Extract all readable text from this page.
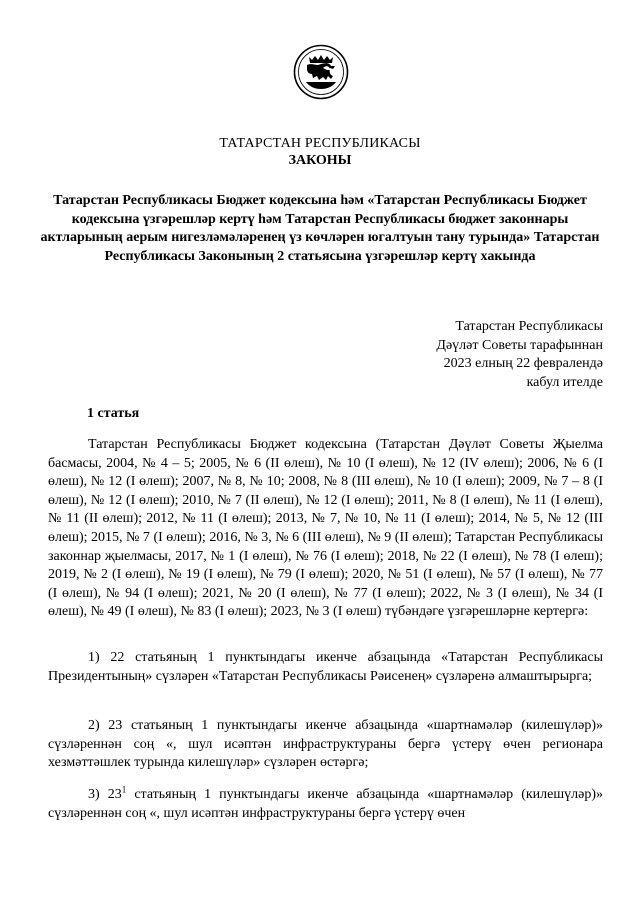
ТАТАРСТАН РЕСПУБЛИКАСЫ
ЗАКОНЫ
Татарстан Республикасы Бюджет кодексына һәм «Татарстан Республикасы Бюджет кодексына үзгәрешләр кертү һәм Татарстан Республикасы бюджет законнары актларының аерым нигезләмәләренең үз көчләрен югалтуын тану турында» Татарстан Республикасы Законының 2 статьясына үзгәрешләр кертү хакында
Татарстан Республикасы
Дәүләт Советы тарафыннан
2023 елның 22 февралендә
кабул ителде
1 статья

Татарстан Республикасы Бюджет кодексына (Татарстан Дәүләт Советы Җыелма басмасы, 2004, № 4 – 5; 2005, № 6 (II өлеш), № 10 (I өлеш), № 12 (IV өлеш); 2006, № 6 (I өлеш), № 12 (I өлеш); 2007, № 8, № 10; 2008, № 8 (III өлеш), № 10 (I өлеш); 2009, № 7 – 8 (I өлеш), № 12 (I өлеш); 2010, № 7 (II өлеш), № 12 (I өлеш); 2011, № 8 (I өлеш), № 11 (I өлеш), № 11 (II өлеш); 2012, № 11 (I өлеш); 2013, № 7, № 10, № 11 (I өлеш); 2014, № 5, № 12 (III өлеш); 2015, № 7 (I өлеш); 2016, № 3, № 6 (III өлеш), № 9 (II өлеш); Татарстан Республикасы законнар җыелмасы, 2017, № 1 (I өлеш), № 76 (I өлеш); 2018, № 22 (I өлеш), № 78 (I өлеш); 2019, № 2 (I өлеш), № 19 (I өлеш), № 79 (I өлеш); 2020, № 51 (I өлеш), № 57 (I өлеш), № 77 (I өлеш), № 94 (I өлеш); 2021, № 20 (I өлеш), № 77 (I өлеш); 2022, № 3 (I өлеш), № 34 (I өлеш), № 49 (I өлеш), № 83 (I өлеш); 2023, № 3 (I өлеш) түбәндәге үзгәрешләрне кертергә:

1) 22 статьяның 1 пунктындагы икенче абзацында «Татарстан Республикасы Президентының» сүзләрен «Татарстан Республикасы Рәисенең» сүзләренә алмаштырырга;

2) 23 статьяның 1 пунктындагы икенче абзацында «шартнамәләр (килешүләр)» сүзләреннән соң «, шул исәптән инфраструктураны бергә үстерү өчен регионара хезмәттәшлек турында килешүләр» сүзләрен өстәргә;

3) $23^1$ статьяның 1 пунктындагы икенче абзацында «шартнамәләр (килешүләр)» сүзләреннән соң «, шул исәптән инфраструктураны бергә үстерү өчен
